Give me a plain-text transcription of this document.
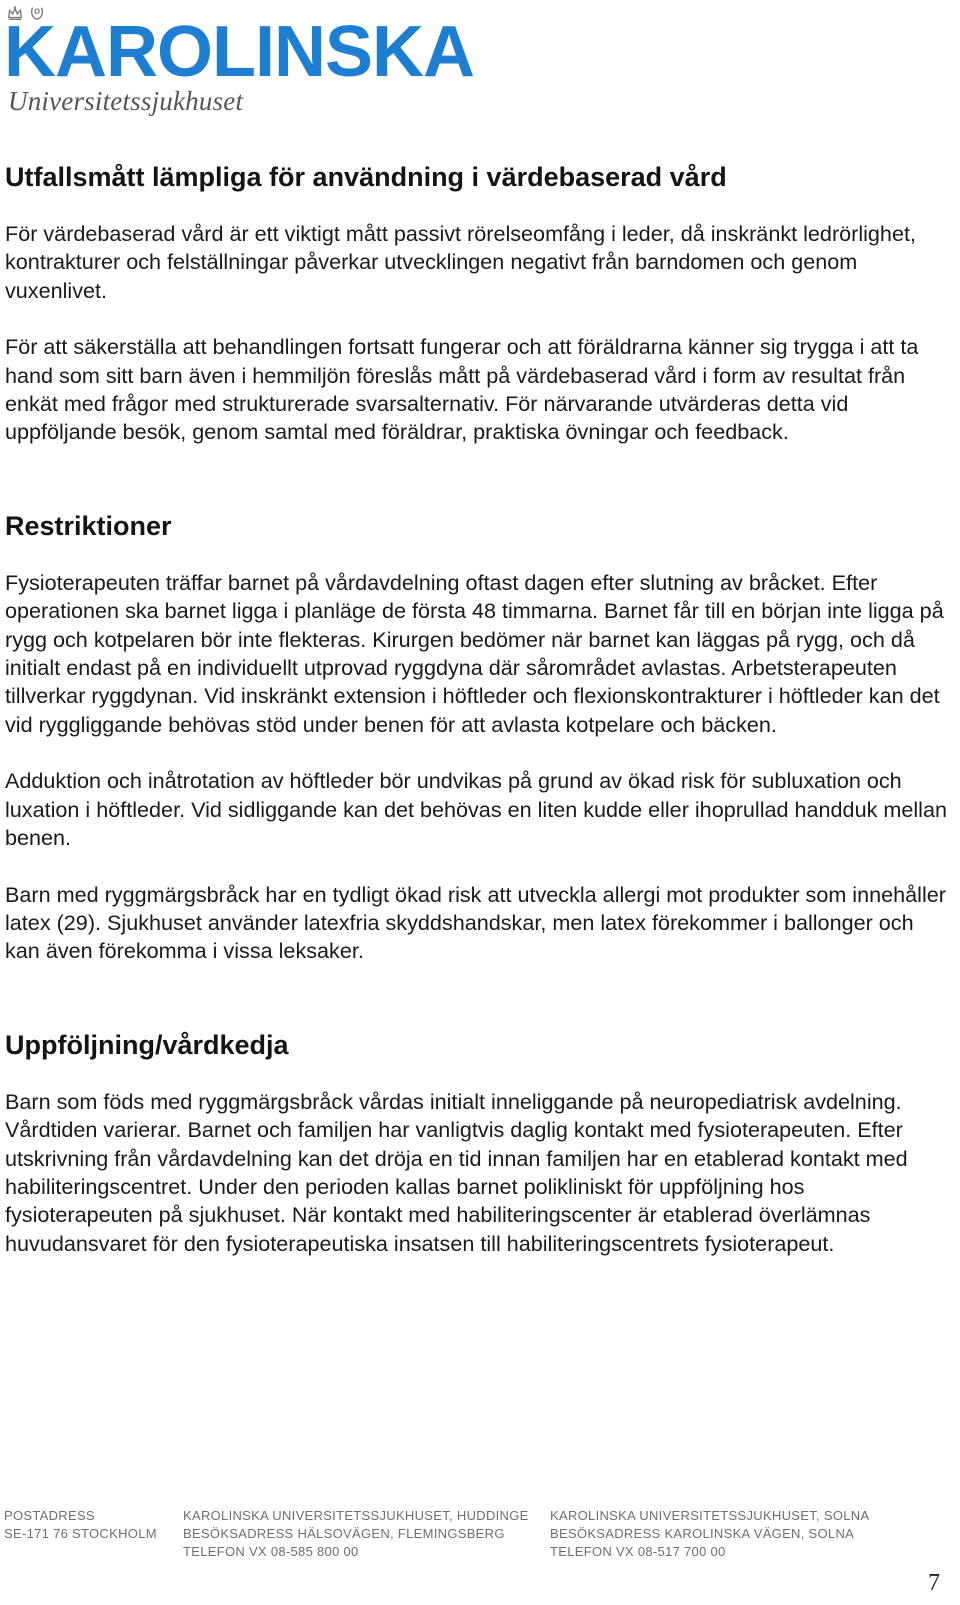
KAROLINSKA
Universitetssjukhuset
Utfallsmått lämpliga för användning i värdebaserad vård

För värdebaserad vård är ett viktigt mått passivt rörelseomfång i leder, då inskränkt ledrörlighet, kontrakturer och felställningar påverkar utvecklingen negativt från barndomen och genom vuxenlivet.

För att säkerställa att behandlingen fortsatt fungerar och att föräldrarna känner sig trygga i att ta hand som sitt barn även i hemmiljön föreslås mått på värdebaserad vård i form av resultat från enkät med frågor med strukturerade svarsalternativ. För närvarande utvärderas detta vid uppföljande besök, genom samtal med föräldrar, praktiska övningar och feedback.

Restriktioner

Fysioterapeuten träffar barnet på vårdavdelning oftast dagen efter slutning av bråcket. Efter operationen ska barnet ligga i planläge de första 48 timmarna. Barnet får till en början inte ligga på rygg och kotpelaren bör inte flekteras. Kirurgen bedömer när barnet kan läggas på rygg, och då initialt endast på en individuellt utprovad ryggdyna där sårområdet avlastas. Arbetsterapeuten tillverkar ryggdynan. Vid inskränkt extension i höftleder och flexionskontrakturer i höftleder kan det vid ryggliggande behövas stöd under benen för att avlasta kotpelare och bäcken.

Adduktion och inåtrotation av höftleder bör undvikas på grund av ökad risk för subluxation och luxation i höftleder. Vid sidliggande kan det behövas en liten kudde eller ihoprullad handduk mellan benen.

Barn med ryggmärgsbråck har en tydligt ökad risk att utveckla allergi mot produkter som innehåller latex (29). Sjukhuset använder latexfria skyddshandskar, men latex förekommer i ballonger och kan även förekomma i vissa leksaker.

Uppföljning/vårdkedja

Barn som föds med ryggmärgsbråck vårdas initialt inneliggande på neuropediatrisk avdelning. Vårdtiden varierar. Barnet och familjen har vanligtvis daglig kontakt med fysioterapeuten. Efter utskrivning från vårdavdelning kan det dröja en tid innan familjen har en etablerad kontakt med habiliteringscentret. Under den perioden kallas barnet polikliniskt för uppföljning hos fysioterapeuten på sjukhuset. När kontakt med habiliteringscenter är etablerad överlämnas huvudansvaret för den fysioterapeutiska insatsen till habiliteringscentrets fysioterapeut.

POSTADRESS
SE-171 76 STOCKHOLM
KAROLINSKA UNIVERSITETSSJUKHUSET, HUDDINGE
BESÖKSADRESS HÄLSOVÄGEN, FLEMINGSBERG
TELEFON VX 08-585 800 00
KAROLINSKA UNIVERSITETSSJUKHUSET, SOLNA
BESÖKSADRESS KAROLINSKA VÄGEN, SOLNA
TELEFON VX 08-517 700 00
7
